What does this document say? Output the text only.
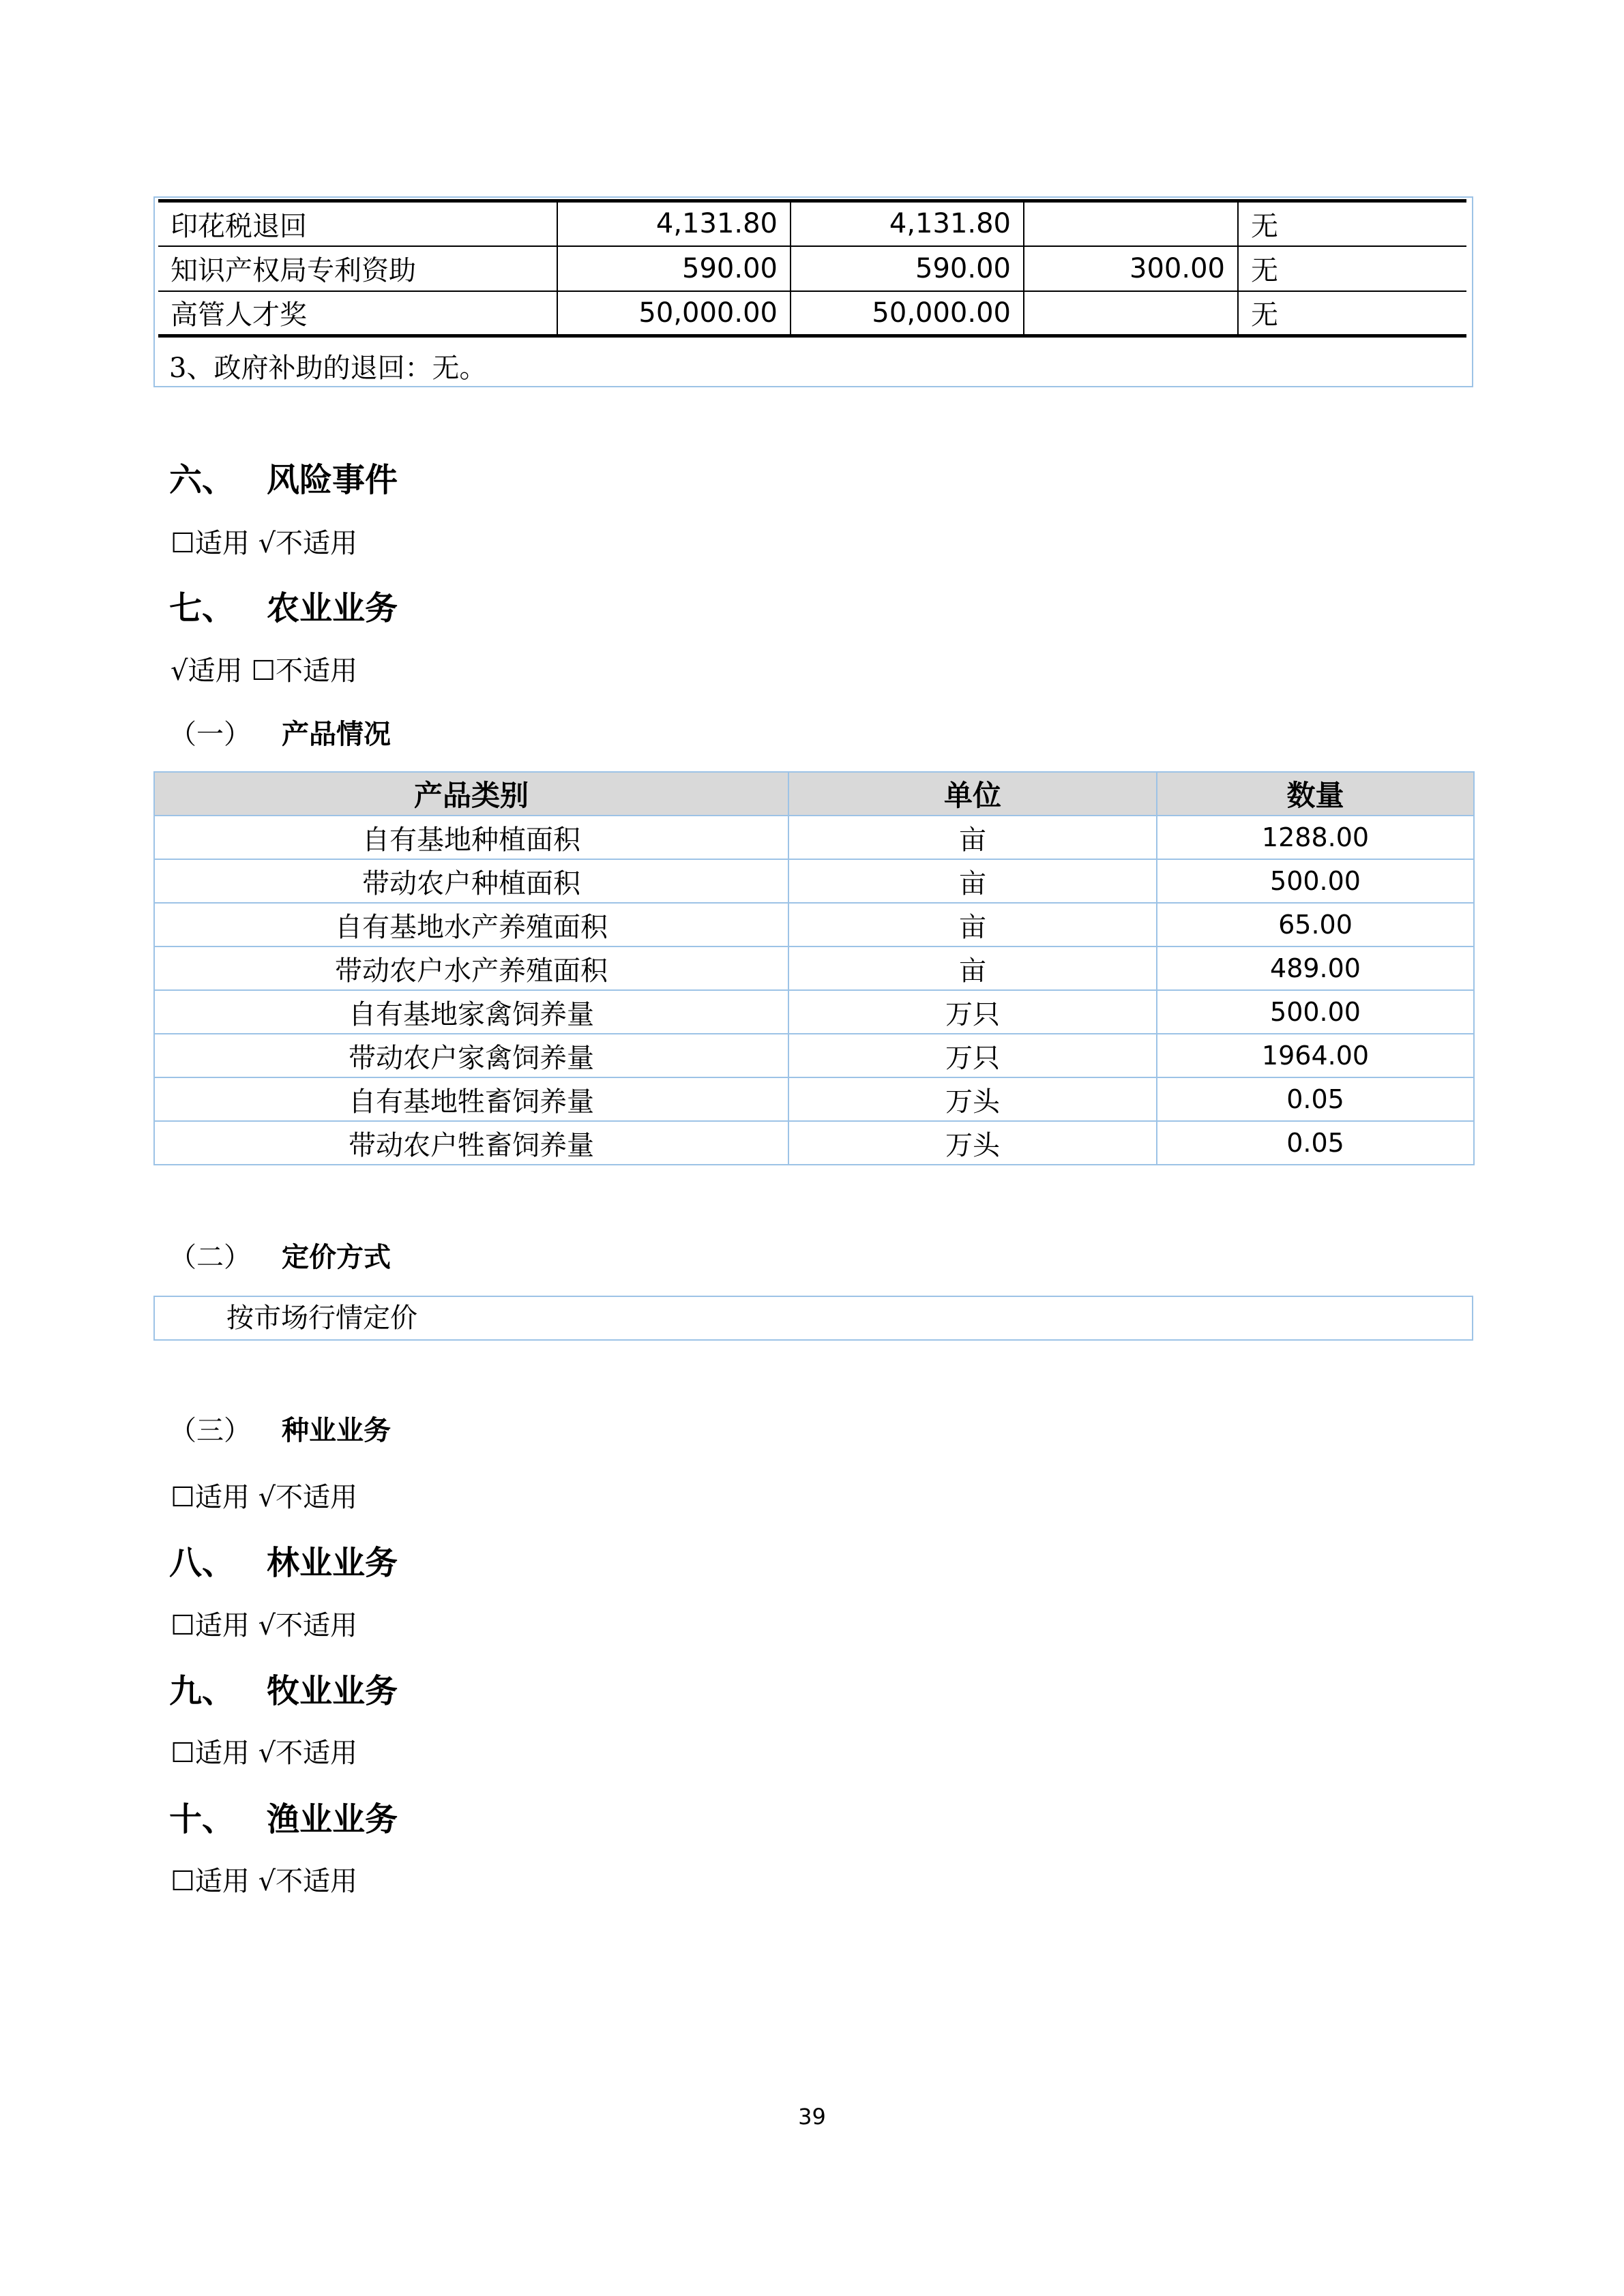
印花税退回	4,131.80	4,131.80		无
知识产权局专利资助	590.00	590.00	300.00	无
高管人才奖	50,000.00	50,000.00		无
3、政府补助的退回：无。
六、 风险事件
☐适用 √不适用
七、 农业业务
√适用 ☐不适用
（一） 产品情况
产品类别	单位	数量
自有基地种植面积	亩	1288.00
带动农户种植面积	亩	500.00
自有基地水产养殖面积	亩	65.00
带动农户水产养殖面积	亩	489.00
自有基地家禽饲养量	万只	500.00
带动农户家禽饲养量	万只	1964.00
自有基地牲畜饲养量	万头	0.05
带动农户牲畜饲养量	万头	0.05
（二） 定价方式
按市场行情定价
（三） 种业业务
☐适用 √不适用
八、 林业业务
☐适用 √不适用
九、 牧业业务
☐适用 √不适用
十、 渔业业务
☐适用 √不适用
39
